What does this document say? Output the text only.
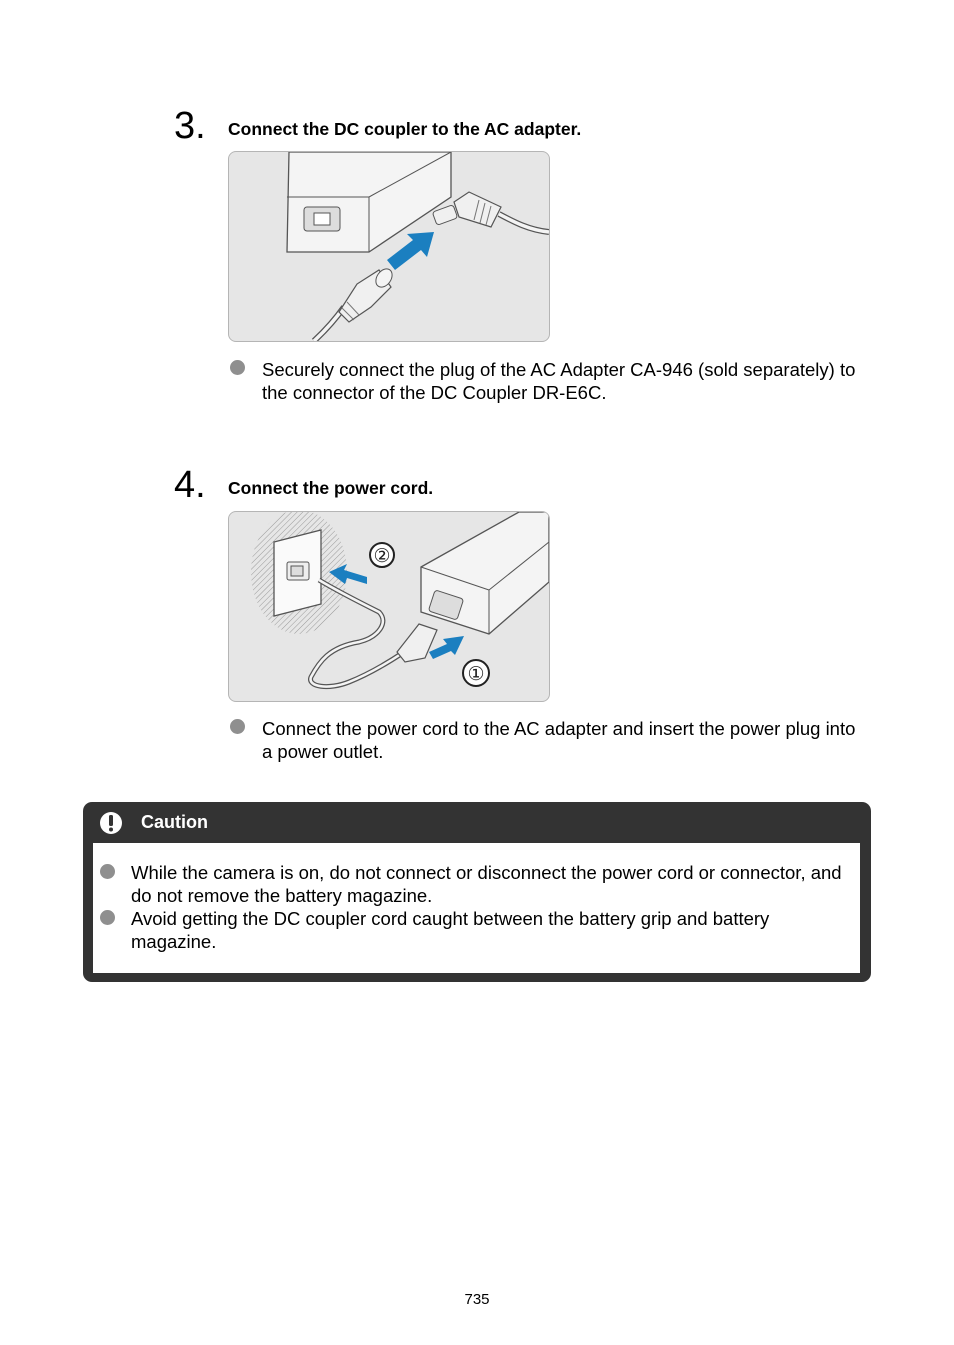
3. Connect the DC coupler to the AC adapter.
Securely connect the plug of the AC Adapter CA-946 (sold separately) to the connector of the DC Coupler DR-E6C.
4. Connect the power cord.
②
①
Connect the power cord to the AC adapter and insert the power plug into a power outlet.
Caution
While the camera is on, do not connect or disconnect the power cord or connector, and do not remove the battery magazine.
Avoid getting the DC coupler cord caught between the battery grip and battery magazine.
735
